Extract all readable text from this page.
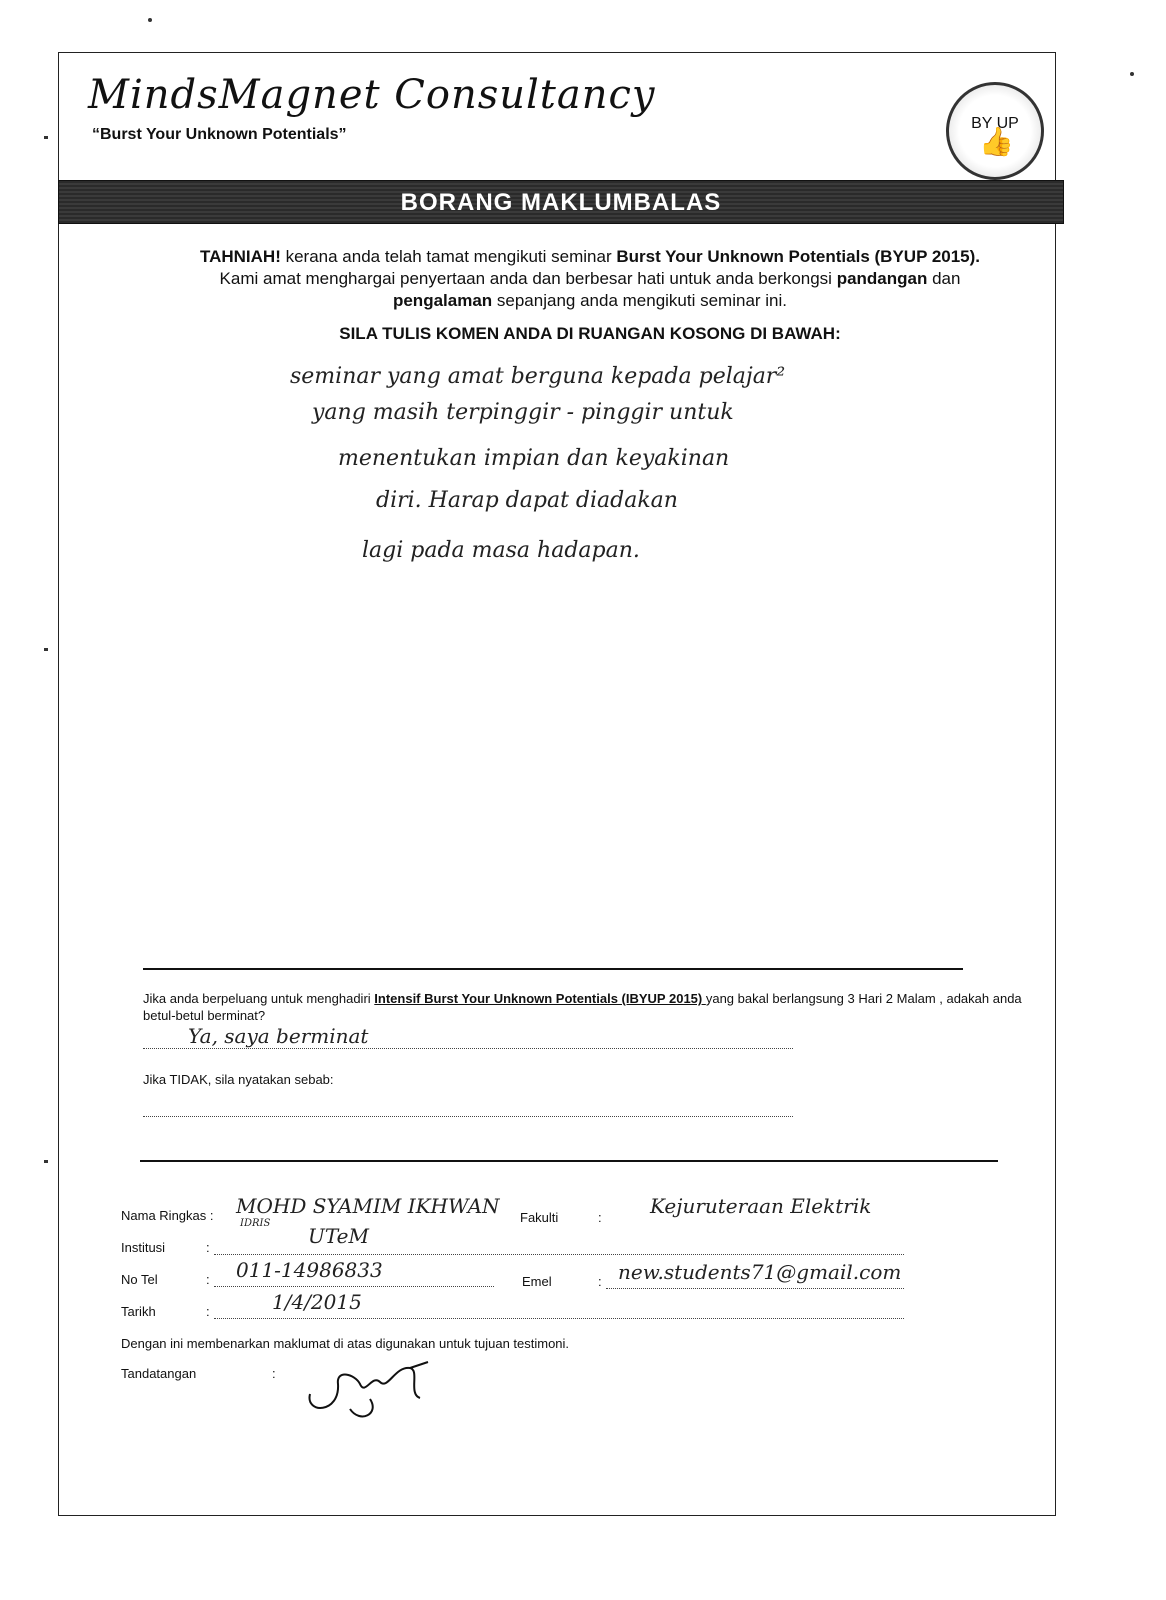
MindsMagnet Consultancy
“Burst Your Unknown Potentials”
BY UP
👍
BORANG MAKLUMBALAS
TAHNIAH! kerana anda telah tamat mengikuti seminar Burst Your Unknown Potentials (BYUP 2015).
Kami amat menghargai penyertaan anda dan berbesar hati untuk anda berkongsi pandangan dan
pengalaman sepanjang anda mengikuti seminar ini.
SILA TULIS KOMEN ANDA DI RUANGAN KOSONG DI BAWAH:
seminar yang amat berguna kepada pelajar²
yang masih terpinggir - pinggir untuk
menentukan impian dan keyakinan
diri. Harap dapat diadakan
lagi pada masa hadapan.
Jika anda berpeluang untuk menghadiri Intensif Burst Your Unknown Potentials (IBYUP 2015) yang bakal berlangsung 3 Hari 2 Malam , adakah anda betul-betul berminat?
Ya, saya berminat
Jika TIDAK, sila nyatakan sebab:
Nama Ringkas : MOHD SYAMIM IKHWAN
IDRIS	Fakulti	: Kejuruteraan Elektrik
Institusi	:	UTeM
No Tel	: 011-14986833	Emel	: new.students71@gmail.com
Tarikh	:	1/4/2015
Dengan ini membenarkan maklumat di atas digunakan untuk tujuan testimoni.
Tandatangan	:
